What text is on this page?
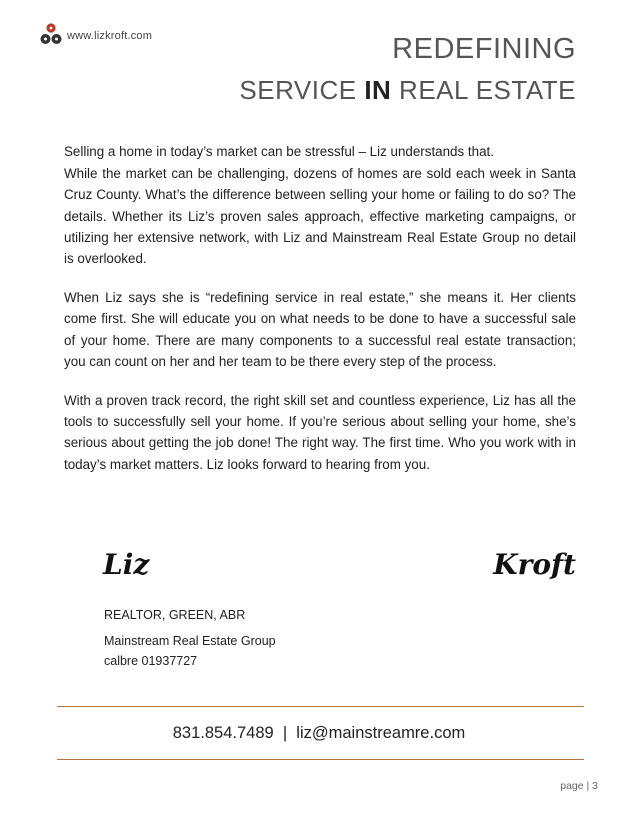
www.lizkroft.com	REDEFINING
SERVICE IN REAL ESTATE

Selling a home in today’s market can be stressful – Liz understands that.

While the market can be challenging, dozens of homes are sold each week in Santa Cruz County. What’s the difference between selling your home or failing to do so? The details. Whether its Liz’s proven sales approach, effective marketing campaigns, or utilizing her extensive network, with Liz and Mainstream Real Estate Group no detail is overlooked.

When Liz says she is “redefining service in real estate,” she means it. Her clients come first. She will educate you on what needs to be done to have a successful sale of your home. There are many components to a successful real estate transaction; you can count on her and her team to be there every step of the process.

With a proven track record, the right skill set and countless experience, Liz has all the tools to successfully sell your home. If you’re serious about selling your home, she’s serious about getting the job done! The right way. The first time. Who you work with in today’s market matters. Liz looks forward to hearing from you.

Liz	Kroft
REALTOR, GREEN, ABR
Mainstream Real Estate Group
calbre 01937727
831.854.7489  |  liz@mainstreamre.com
page | 3
